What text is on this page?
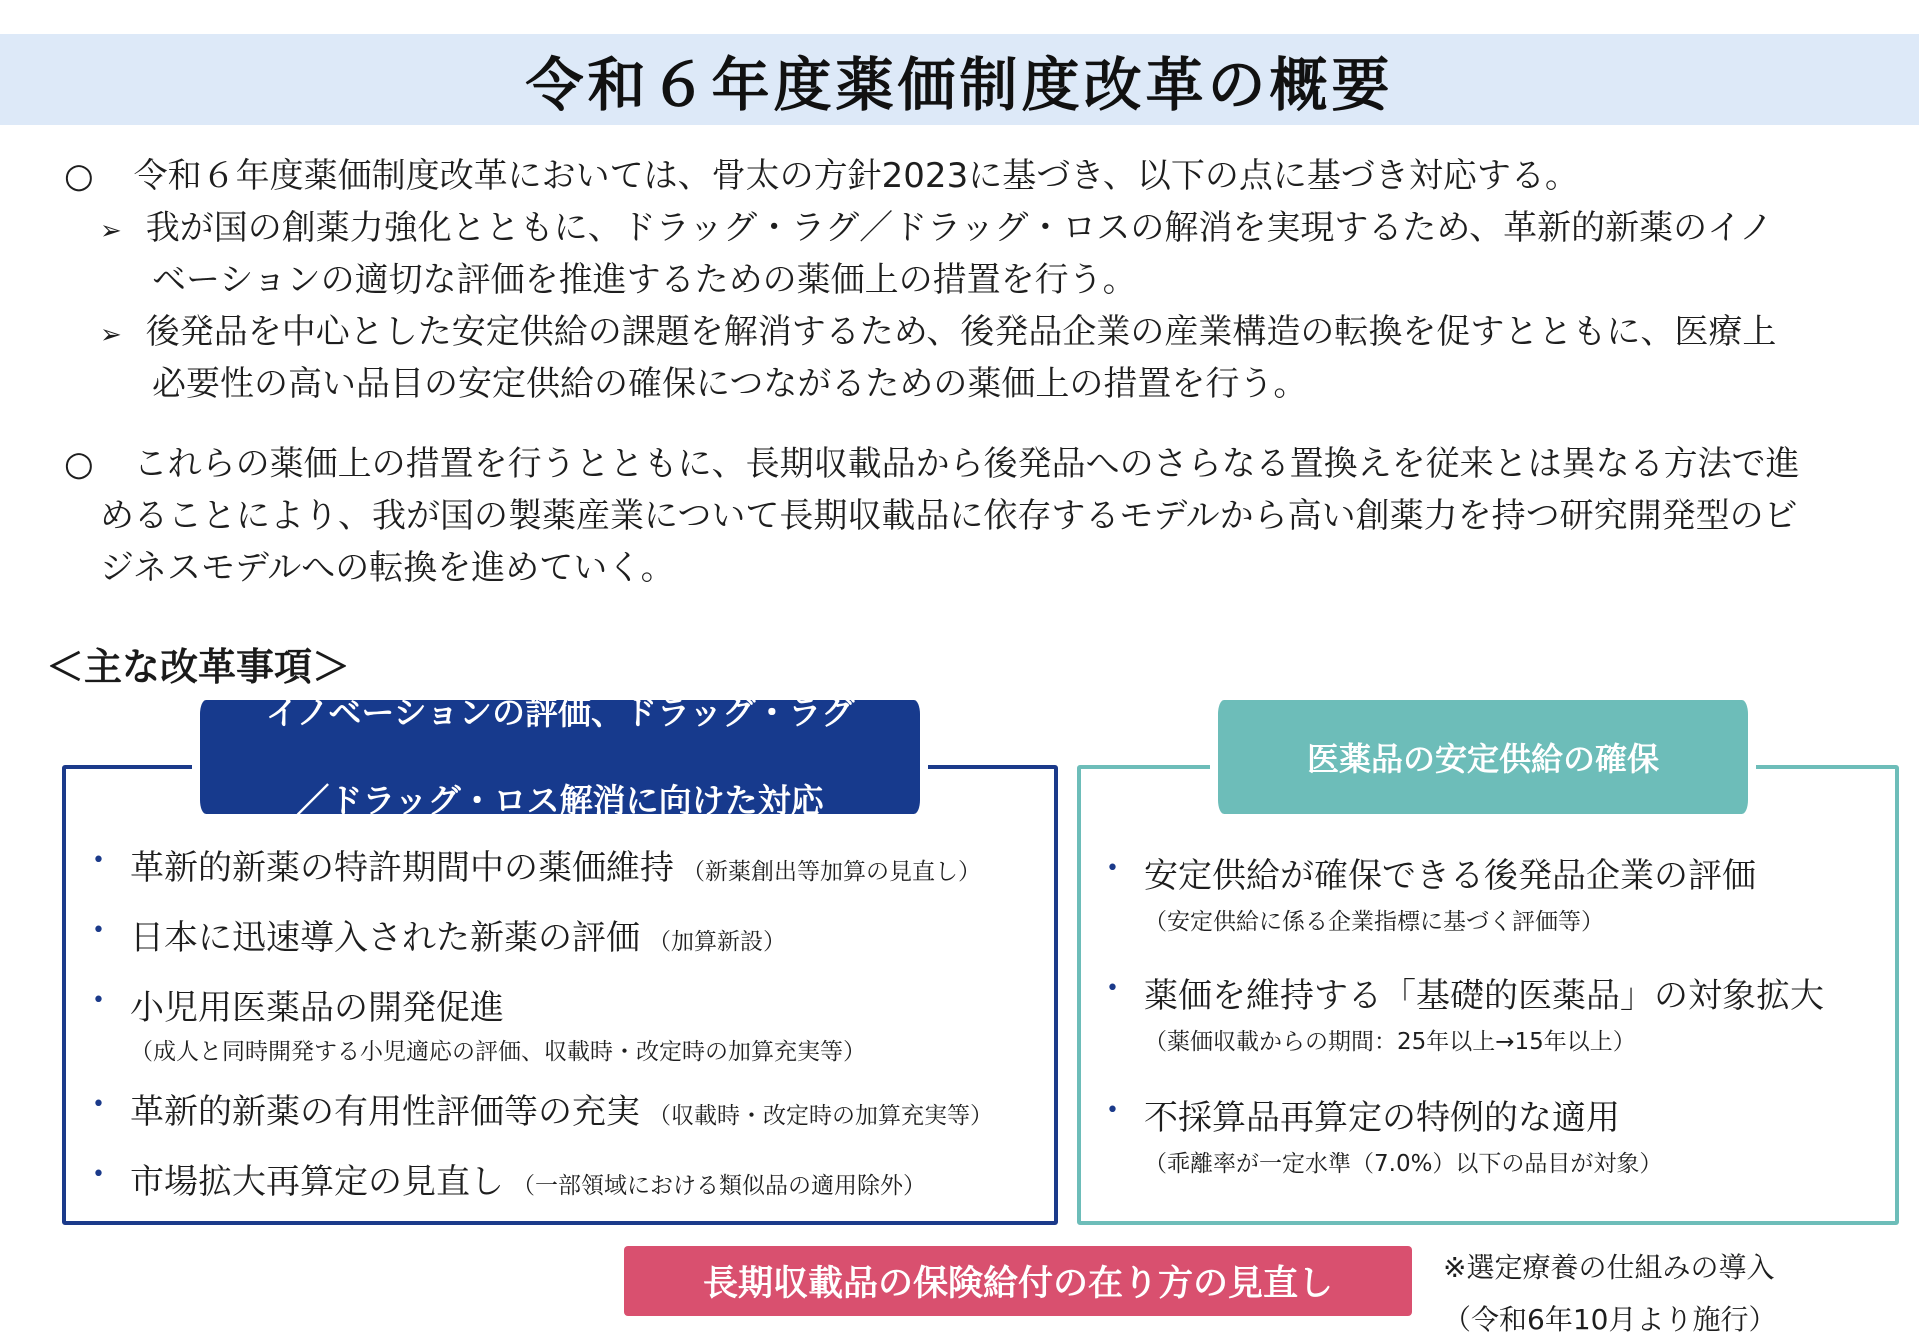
令和６年度薬価制度改革の概要

○ 令和６年度薬価制度改革においては、骨太の方針2023に基づき、以下の点に基づき対応する。

➢ 我が国の創薬力強化とともに、ドラッグ・ラグ／ドラッグ・ロスの解消を実現するため、革新的新薬のイノ

ベーションの適切な評価を推進するための薬価上の措置を行う。

➢ 後発品を中心とした安定供給の課題を解消するため、後発品企業の産業構造の転換を促すとともに、医療上

必要性の高い品目の安定供給の確保につながるための薬価上の措置を行う。

○ これらの薬価上の措置を行うとともに、長期収載品から後発品へのさらなる置換えを従来とは異なる方法で進

めることにより、我が国の製薬産業について長期収載品に依存するモデルから高い創薬力を持つ研究開発型のビ

ジネスモデルへの転換を進めていく。

＜主な改革事項＞

イノベーションの評価、ドラッグ・ラグ

／ドラッグ・ロス解消に向けた対応

• 革新的新薬の特許期間中の薬価維持 （新薬創出等加算の見直し）
• 日本に迅速導入された新薬の評価 （加算新設）
• 小児用医薬品の開発促進
（成人と同時開発する小児適応の評価、収載時・改定時の加算充実等）
• 革新的新薬の有用性評価等の充実 （収載時・改定時の加算充実等）
• 市場拡大再算定の見直し （一部領域における類似品の適用除外）
医薬品の安定供給の確保
• 安定供給が確保できる後発品企業の評価
（安定供給に係る企業指標に基づく評価等）
• 薬価を維持する「基礎的医薬品」の対象拡大
（薬価収載からの期間：25年以上→15年以上）
• 不採算品再算定の特例的な適用
（乖離率が一定水準（7.0%）以下の品目が対象）
長期収載品の保険給付の在り方の見直し	※選定療養の仕組みの導入

（令和6年10月より施行）
